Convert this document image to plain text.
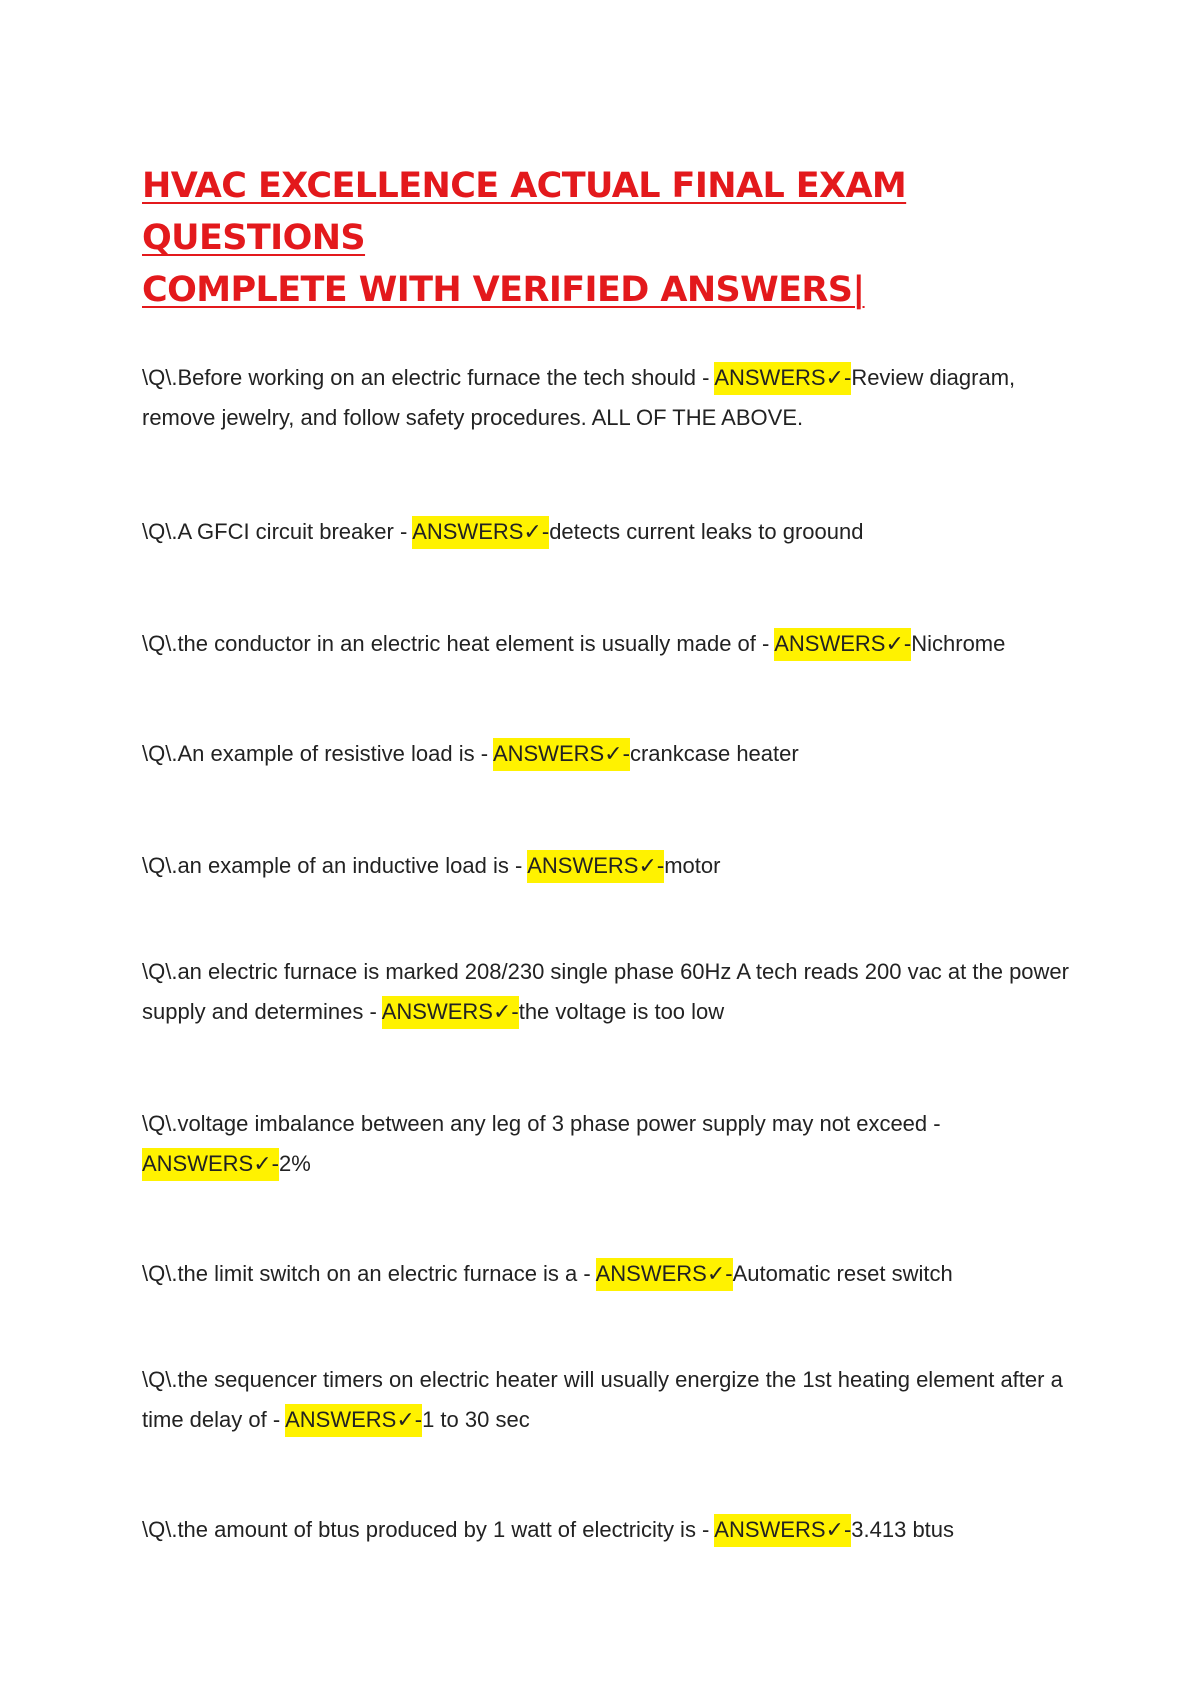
HVAC EXCELLENCE ACTUAL FINAL EXAM QUESTIONS
COMPLETE WITH VERIFIED ANSWERS|

\Q\.Before working on an electric furnace the tech should - ANSWERS✓-Review diagram, remove jewelry, and follow safety procedures. ALL OF THE ABOVE.

\Q\.A GFCI circuit breaker - ANSWERS✓-detects current leaks to groound

\Q\.the conductor in an electric heat element is usually made of - ANSWERS✓-Nichrome

\Q\.An example of resistive load is - ANSWERS✓-crankcase heater

\Q\.an example of an inductive load is - ANSWERS✓-motor

\Q\.an electric furnace is marked 208/230 single phase 60Hz A tech reads 200 vac at the power supply and determines - ANSWERS✓-the voltage is too low

\Q\.voltage imbalance between any leg of 3 phase power supply may not exceed - ANSWERS✓-2%

\Q\.the limit switch on an electric furnace is a - ANSWERS✓-Automatic reset switch

\Q\.the sequencer timers on electric heater will usually energize the 1st heating element after a time delay of - ANSWERS✓-1 to 30 sec

\Q\.the amount of btus produced by 1 watt of electricity is - ANSWERS✓-3.413 btus
